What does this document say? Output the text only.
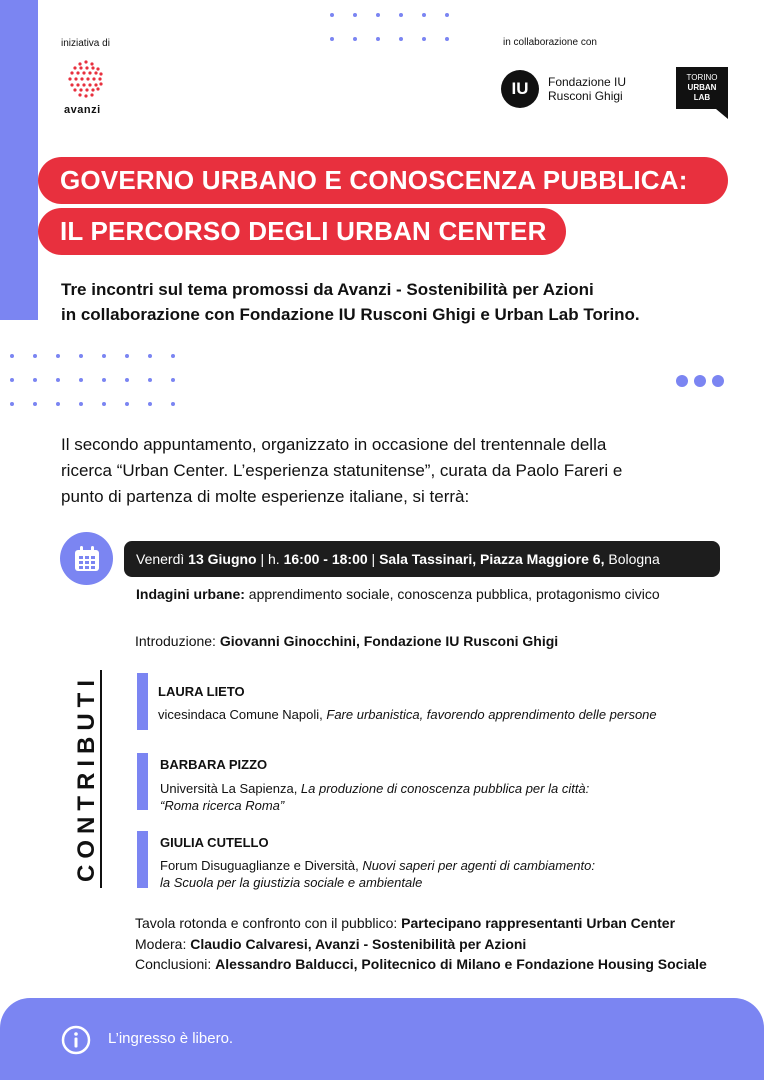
iniziativa di	in collaborazione con
avanzi
IU	Fondazione IU
Rusconi Ghigi
TORINO
URBAN
LAB
GOVERNO URBANO E CONOSCENZA PUBBLICA:
IL PERCORSO DEGLI URBAN CENTER
Tre incontri sul tema promossi da Avanzi - Sostenibilità per Azioni
in collaborazione con Fondazione IU Rusconi Ghigi e Urban Lab Torino.
Il secondo appuntamento, organizzato in occasione del trentennale della
ricerca “Urban Center. L’esperienza statunitense”, curata da Paolo Fareri e
punto di partenza di molte esperienze italiane, si terrà:
Venerdì 13 Giugno | h. 16:00 - 18:00 | Sala Tassinari, Piazza Maggiore 6, Bologna
Indagini urbane: apprendimento sociale, conoscenza pubblica, protagonismo civico
Introduzione: Giovanni Ginocchini, Fondazione IU Rusconi Ghigi
CONTRIBUTI	LAURA LIETO
vicesindaca Comune Napoli, Fare urbanistica, favorendo apprendimento delle persone
BARBARA PIZZO
Università La Sapienza, La produzione di conoscenza pubblica per la città:
“Roma ricerca Roma”
GIULIA CUTELLO
Forum Disuguaglianze e Diversità, Nuovi saperi per agenti di cambiamento:
la Scuola per la giustizia sociale e ambientale
Tavola rotonda e confronto con il pubblico: Partecipano rappresentanti Urban Center
Modera: Claudio Calvaresi, Avanzi - Sostenibilità per Azioni
Conclusioni: Alessandro Balducci, Politecnico di Milano e Fondazione Housing Sociale
L’ingresso è libero.
